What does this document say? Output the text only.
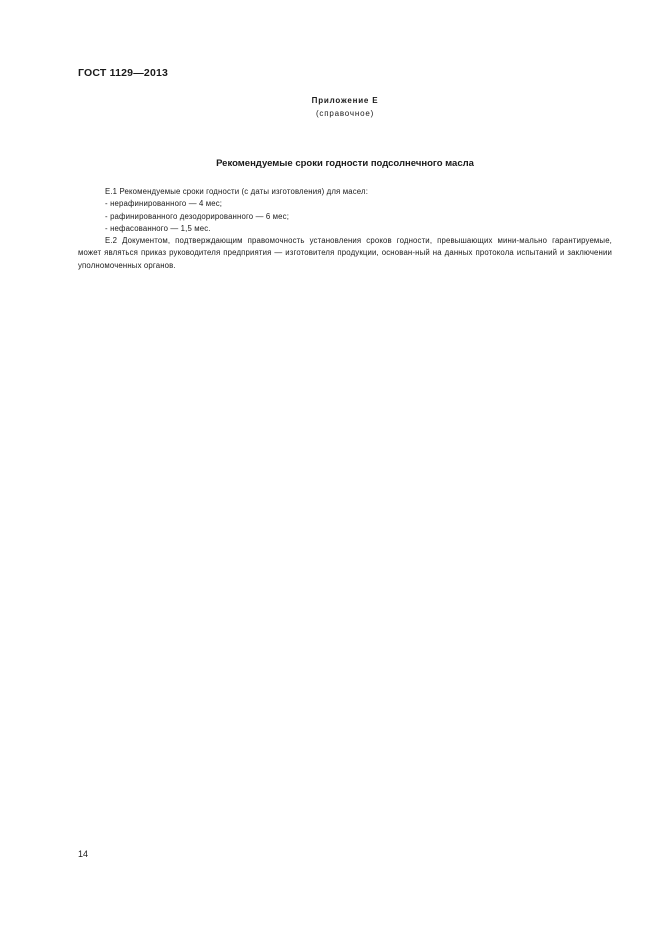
ГОСТ 1129—2013
Приложение Е
(справочное)
Рекомендуемые сроки годности подсолнечного масла

Е.1 Рекомендуемые сроки годности (с даты изготовления) для масел:

- нерафинированного — 4 мес;

- рафинированного дезодорированного — 6 мес;

- нефасованного — 1,5 мес.

Е.2 Документом, подтверждающим правомочность установления сроков годности, превышающих мини-мально гарантируемые, может являться приказ руководителя предприятия — изготовителя продукции, основан-ный на данных протокола испытаний и заключении уполномоченных органов.

14
